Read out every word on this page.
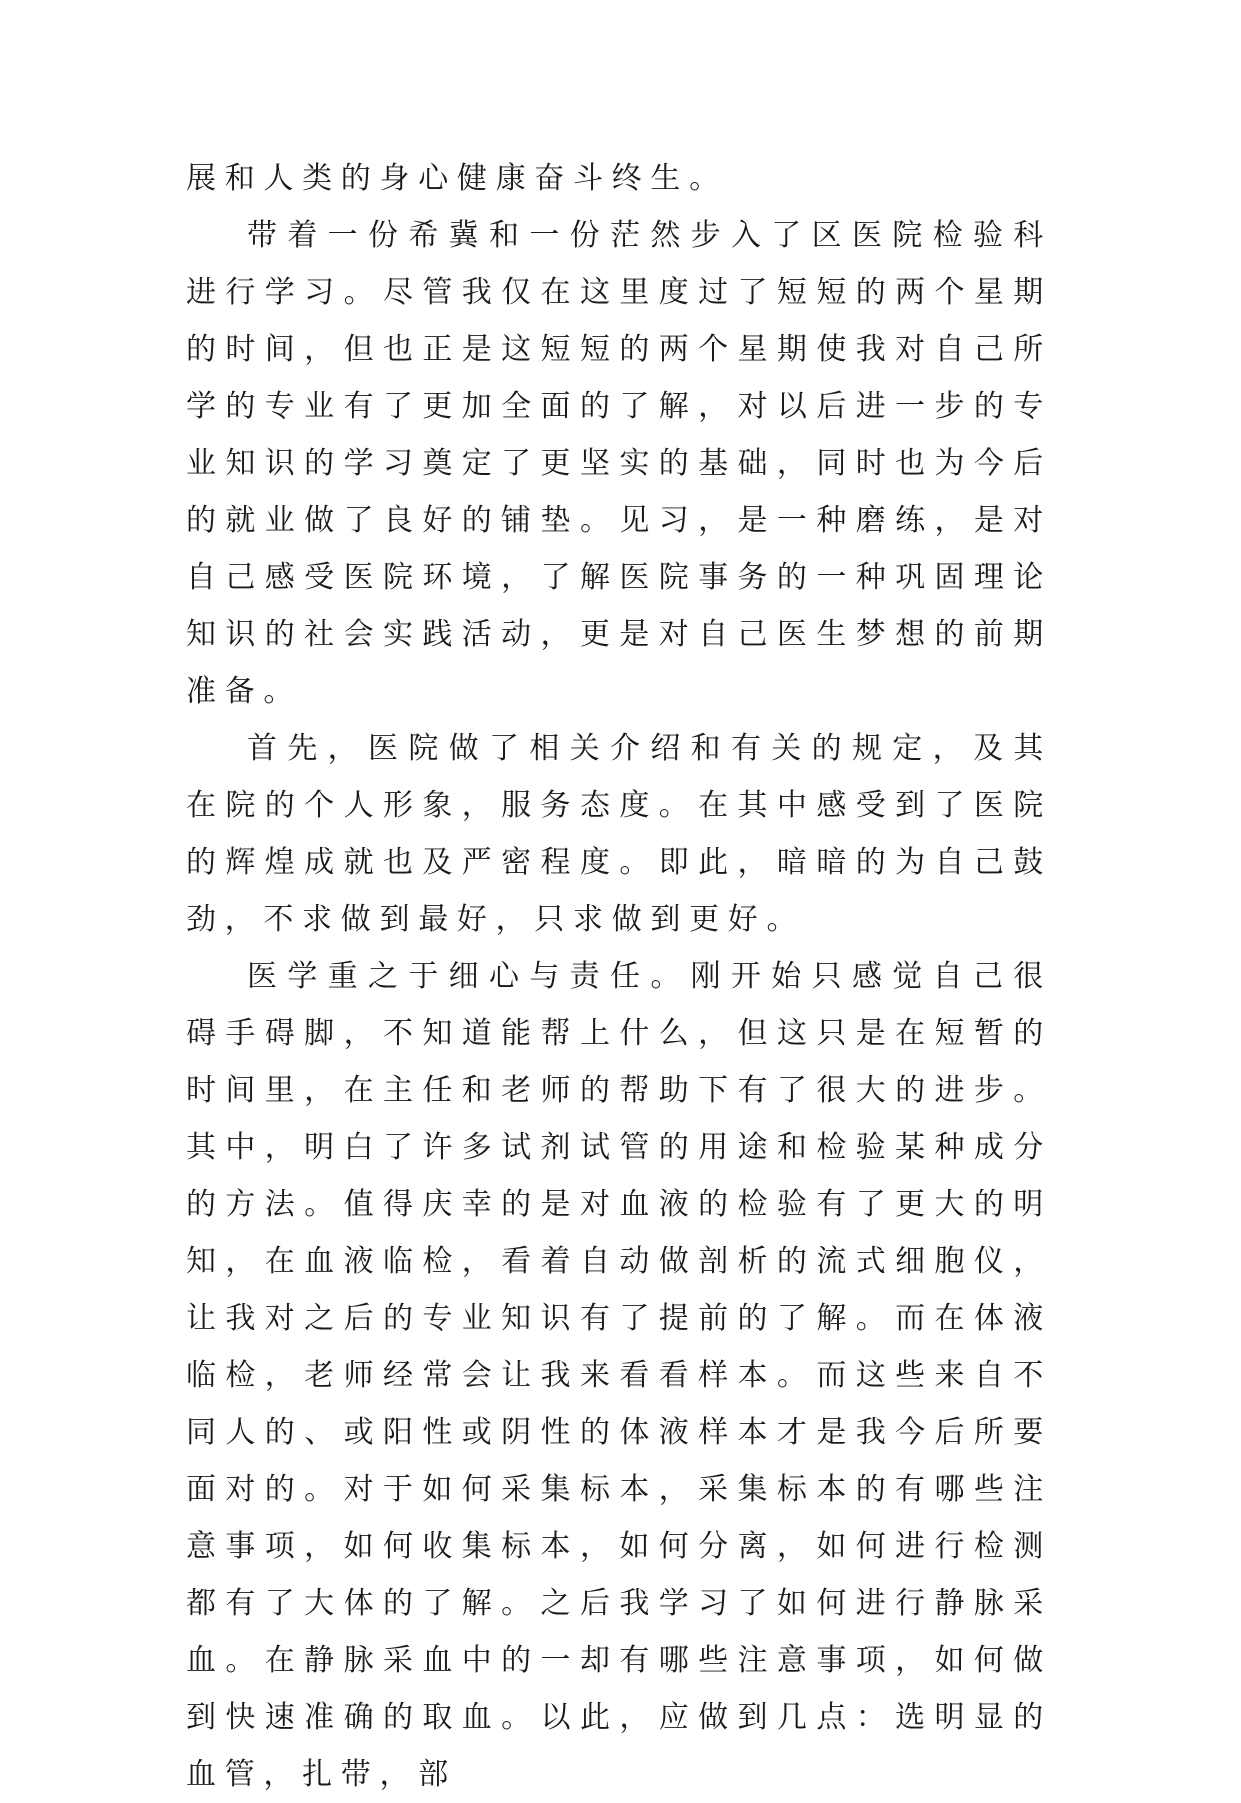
展和人类的身心健康奋斗终生。

带着一份希冀和一份茫然步入了区医院检验科进行学习。尽管我仅在这里度过了短短的两个星期的时间，但也正是这短短的两个星期使我对自己所学的专业有了更加全面的了解，对以后进一步的专业知识的学习奠定了更坚实的基础，同时也为今后的就业做了良好的铺垫。见习，是一种磨练，是对自己感受医院环境，了解医院事务的一种巩固理论知识的社会实践活动，更是对自己医生梦想的前期准备。

首先，医院做了相关介绍和有关的规定，及其在院的个人形象，服务态度。在其中感受到了医院的辉煌成就也及严密程度。即此，暗暗的为自己鼓劲，不求做到最好，只求做到更好。

医学重之于细心与责任。刚开始只感觉自己很碍手碍脚，不知道能帮上什么，但这只是在短暂的时间里，在主任和老师的帮助下有了很大的进步。其中，明白了许多试剂试管的用途和检验某种成分的方法。值得庆幸的是对血液的检验有了更大的明知，在血液临检，看着自动做剖析的流式细胞仪，让我对之后的专业知识有了提前的了解。而在体液临检，老师经常会让我来看看样本。而这些来自不同人的、或阳性或阴性的体液样本才是我今后所要面对的。对于如何采集标本，采集标本的有哪些注意事项，如何收集标本，如何分离，如何进行检测都有了大体的了解。之后我学习了如何进行静脉采血。在静脉采血中的一却有哪些注意事项，如何做到快速准确的取血。以此，应做到几点：选明显的血管，扎带，部
